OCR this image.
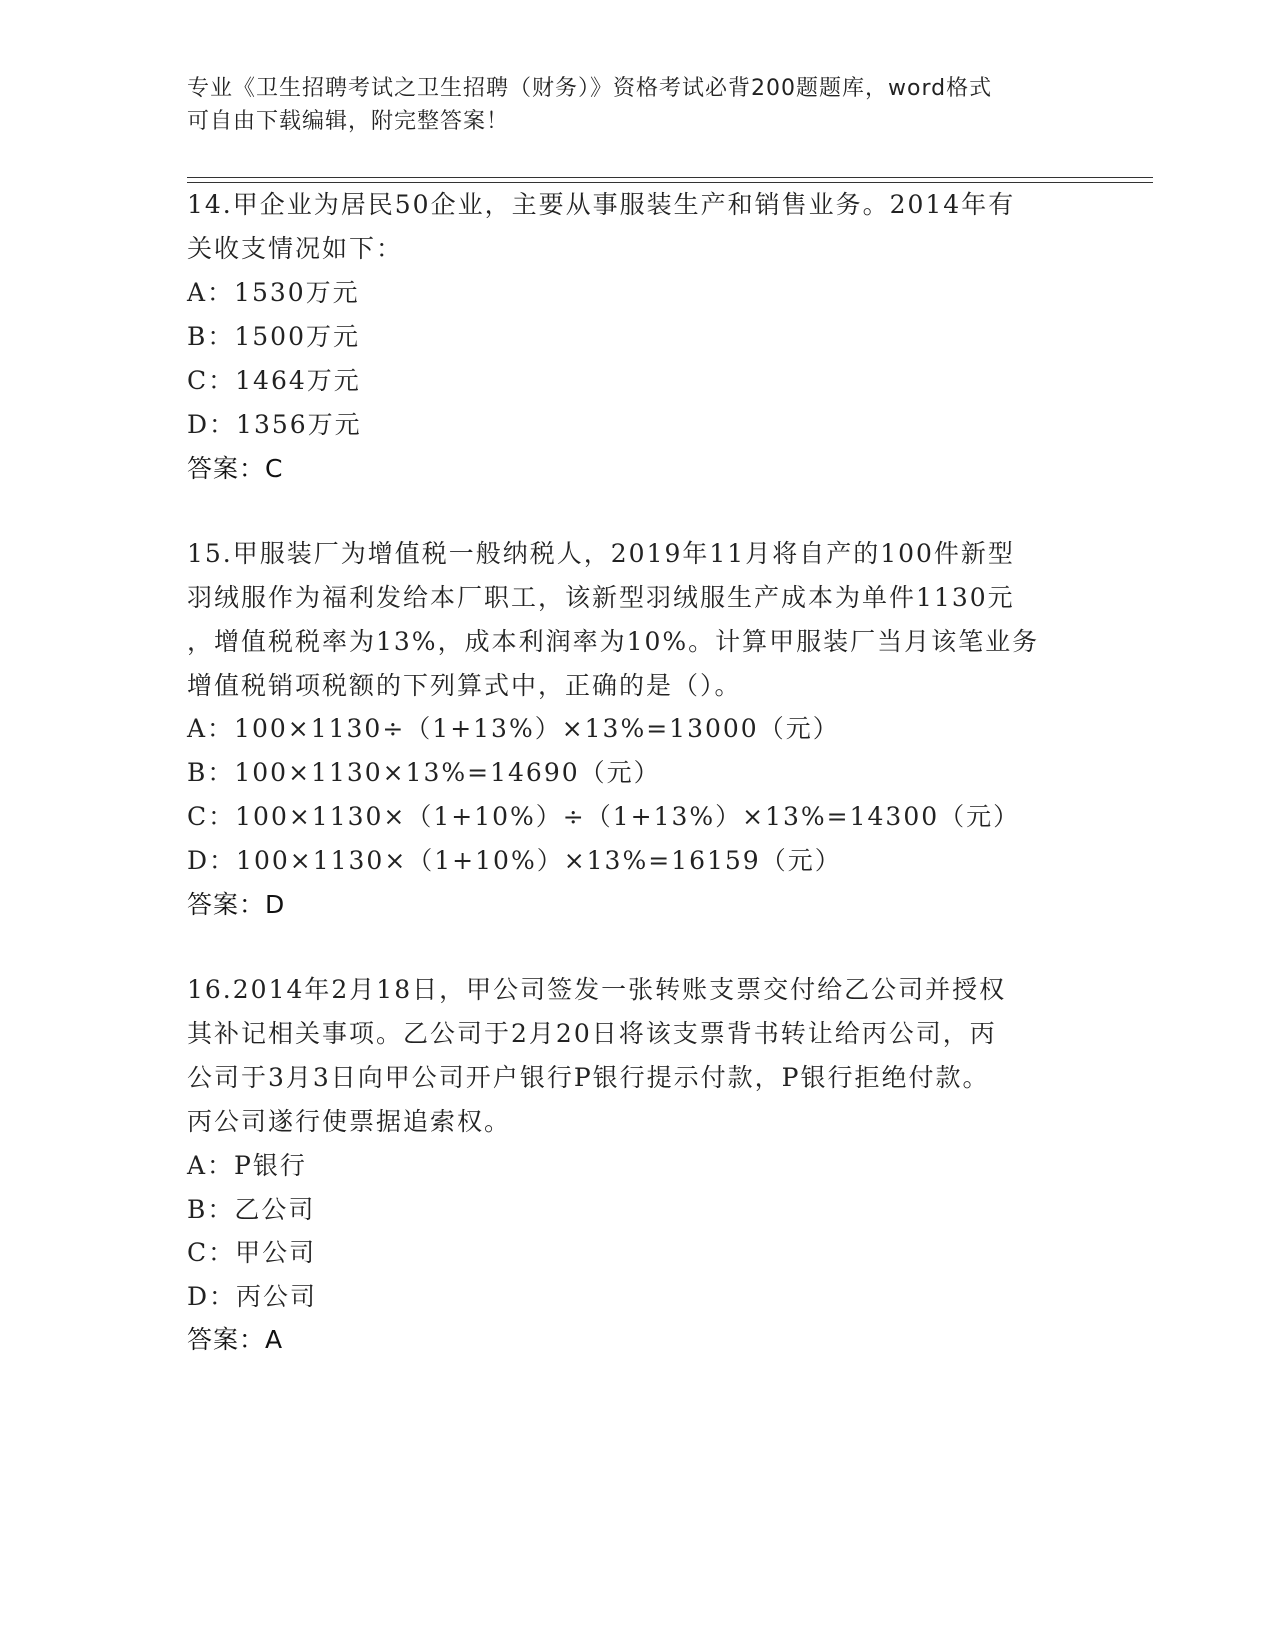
专业《卫生招聘考试之卫生招聘（财务）》资格考试必背200题题库，word格式
可自由下载编辑，附完整答案！
14.甲企业为居民50企业，主要从事服装生产和销售业务。2014年有
关收支情况如下：
A：1530万元
B：1500万元
C：1464万元
D：1356万元
答案：C
15.甲服装厂为增值税一般纳税人，2019年11月将自产的100件新型
羽绒服作为福利发给本厂职工，该新型羽绒服生产成本为单件1130元
，增值税税率为13%，成本利润率为10%。计算甲服装厂当月该笔业务
增值税销项税额的下列算式中，正确的是（）。
A：100×1130÷（1+13%）×13%=13000（元）
B：100×1130×13%=14690（元）
C：100×1130×（1+10%）÷（1+13%）×13%=14300（元）
D：100×1130×（1+10%）×13%=16159（元）
答案：D
16.2014年2月18日，甲公司签发一张转账支票交付给乙公司并授权
其补记相关事项。乙公司于2月20日将该支票背书转让给丙公司，丙
公司于3月3日向甲公司开户银行P银行提示付款，P银行拒绝付款。
丙公司遂行使票据追索权。
A：P银行
B：乙公司
C：甲公司
D：丙公司
答案：A
